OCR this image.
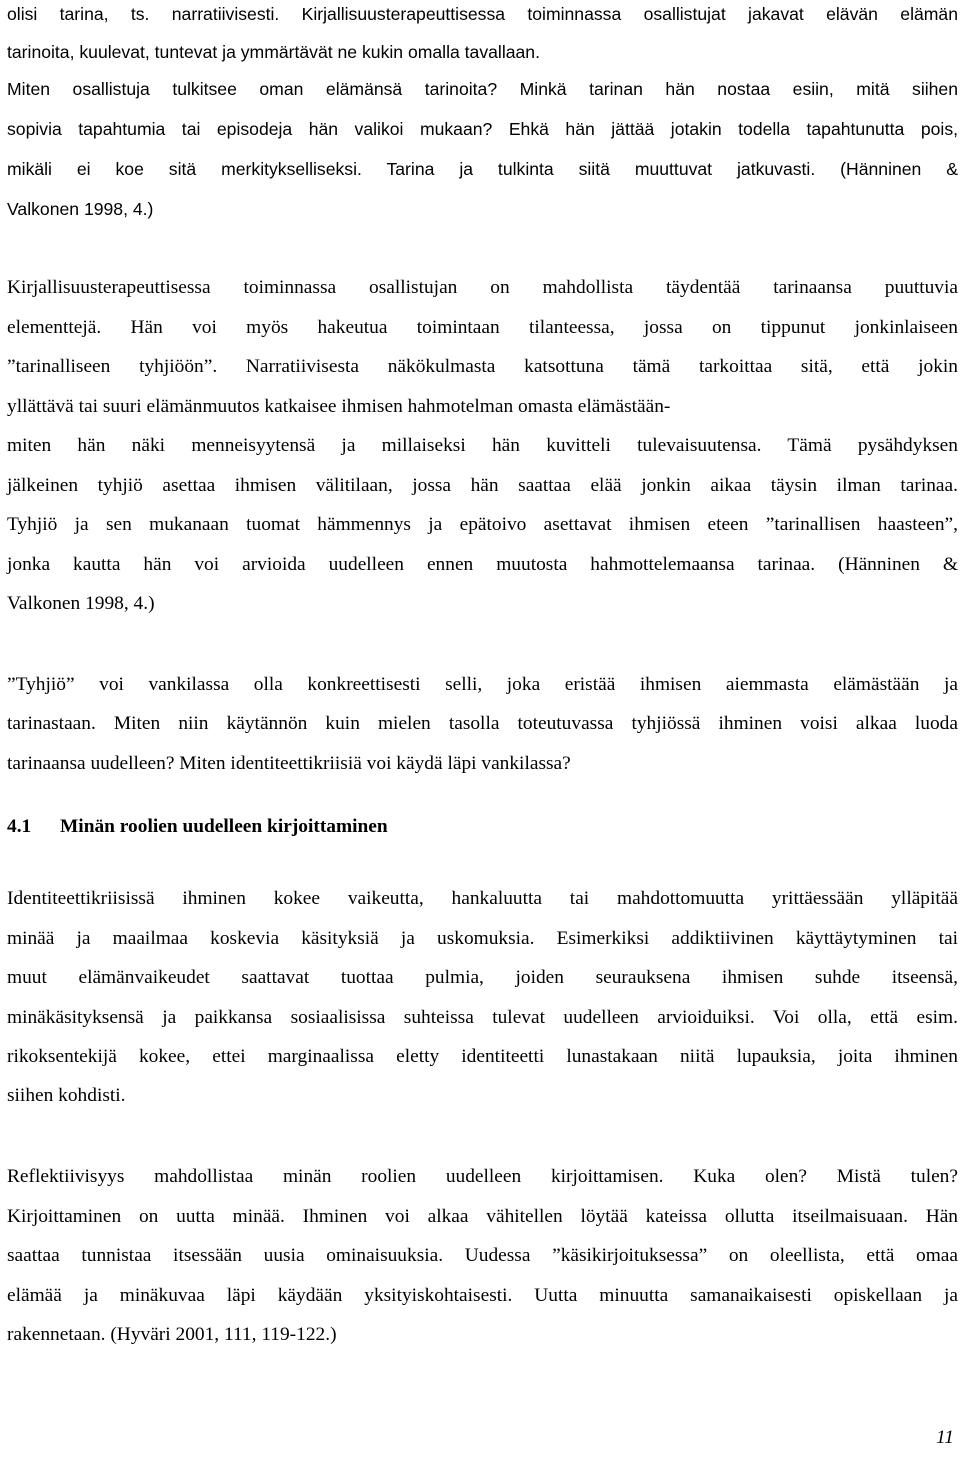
olisi tarina, ts. narratiivisesti. Kirjallisuusterapeuttisessa toiminnassa osallistujat jakavat elävän elämän
tarinoita, kuulevat, tuntevat ja ymmärtävät ne kukin omalla tavallaan.
Miten osallistuja tulkitsee oman elämänsä tarinoita? Minkä tarinan hän nostaa esiin, mitä siihen
sopivia tapahtumia tai episodeja hän valikoi mukaan? Ehkä hän jättää jotakin todella tapahtunutta pois,
mikäli ei koe sitä merkitykselliseksi. Tarina ja tulkinta siitä muuttuvat jatkuvasti. (Hänninen &
Valkonen 1998, 4.)
Kirjallisuusterapeuttisessa toiminnassa osallistujan on mahdollista täydentää tarinaansa puuttuvia
elementtejä. Hän voi myös hakeutua toimintaan tilanteessa, jossa on tippunut jonkinlaiseen
”tarinalliseen tyhjiöön”. Narratiivisesta näkökulmasta katsottuna tämä tarkoittaa sitä, että jokin
yllättävä tai suuri elämänmuutos katkaisee ihmisen hahmotelman omasta elämästään-
miten hän näki menneisyytensä ja millaiseksi hän kuvitteli tulevaisuutensa. Tämä pysähdyksen
jälkeinen tyhjiö asettaa ihmisen välitilaan, jossa hän saattaa elää jonkin aikaa täysin ilman tarinaa.
Tyhjiö ja sen mukanaan tuomat hämmennys ja epätoivo asettavat ihmisen eteen ”tarinallisen haasteen”,
jonka kautta hän voi arvioida uudelleen ennen muutosta hahmottelemaansa tarinaa. (Hänninen &
Valkonen 1998, 4.)
”Tyhjiö” voi vankilassa olla konkreettisesti selli, joka eristää ihmisen aiemmasta elämästään ja
tarinastaan. Miten niin käytännön kuin mielen tasolla toteutuvassa tyhjiössä ihminen voisi alkaa luoda
tarinaansa uudelleen? Miten identiteettikriisiä voi käydä läpi vankilassa?
4.1 Minän roolien uudelleen kirjoittaminen
Identiteettikriisissä ihminen kokee vaikeutta, hankaluutta tai mahdottomuutta yrittäessään ylläpitää
minää ja maailmaa koskevia käsityksiä ja uskomuksia. Esimerkiksi addiktiivinen käyttäytyminen tai
muut elämänvaikeudet saattavat tuottaa pulmia, joiden seurauksena ihmisen suhde itseensä,
minäkäsityksensä ja paikkansa sosiaalisissa suhteissa tulevat uudelleen arvioiduiksi. Voi olla, että esim.
rikoksentekijä kokee, ettei marginaalissa eletty identiteetti lunastakaan niitä lupauksia, joita ihminen
siihen kohdisti.
Reflektiivisyys mahdollistaa minän roolien uudelleen kirjoittamisen. Kuka olen? Mistä tulen?
Kirjoittaminen on uutta minää. Ihminen voi alkaa vähitellen löytää kateissa ollutta itseilmaisuaan. Hän
saattaa tunnistaa itsessään uusia ominaisuuksia. Uudessa ”käsikirjoituksessa” on oleellista, että omaa
elämää ja minäkuvaa läpi käydään yksityiskohtaisesti. Uutta minuutta samanaikaisesti opiskellaan ja
rakennetaan. (Hyväri 2001, 111, 119-122.)
11
